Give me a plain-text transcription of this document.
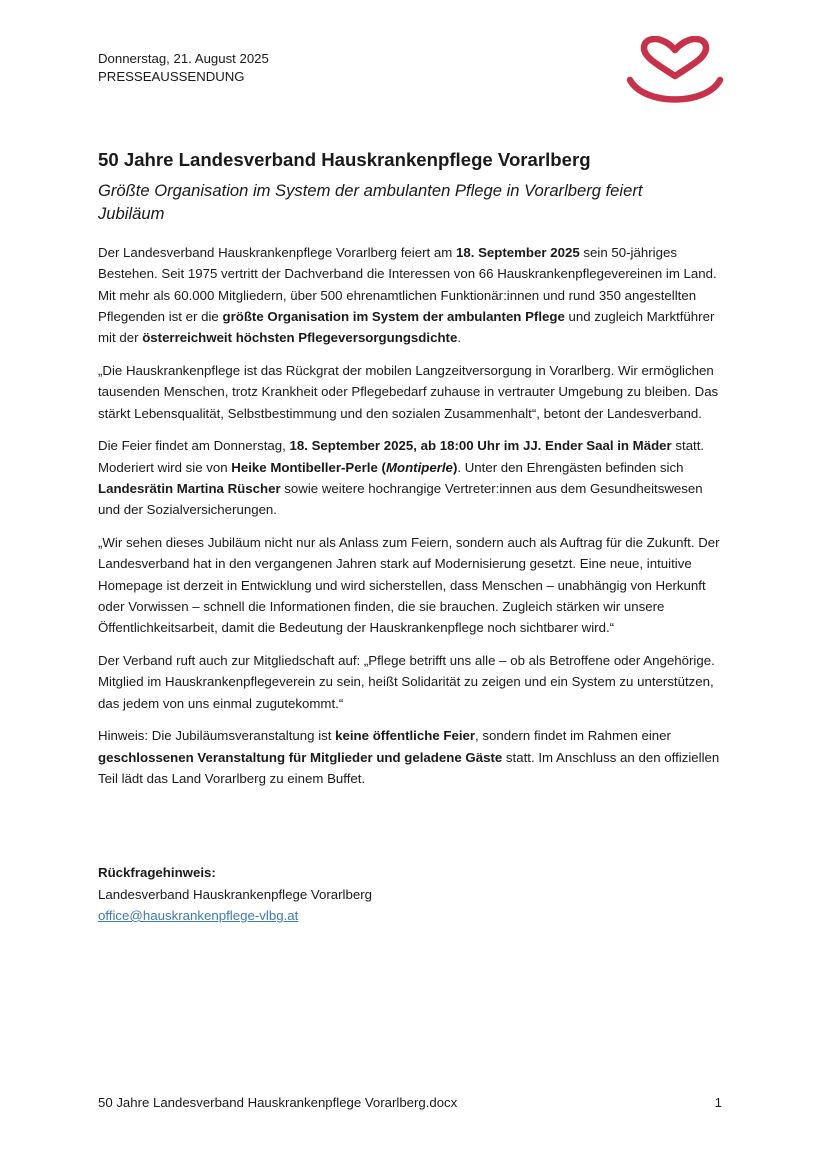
Donnerstag, 21. August 2025
PRESSEAUSSENDUNG
50 Jahre Landesverband Hauskrankenpflege Vorarlberg

Größte Organisation im System der ambulanten Pflege in Vorarlberg feiert Jubiläum

Der Landesverband Hauskrankenpflege Vorarlberg feiert am 18. September 2025 sein 50-jähriges Bestehen. Seit 1975 vertritt der Dachverband die Interessen von 66 Hauskrankenpflegevereinen im Land. Mit mehr als 60.000 Mitgliedern, über 500 ehrenamtlichen Funktionär:innen und rund 350 angestellten Pflegenden ist er die größte Organisation im System der ambulanten Pflege und zugleich Marktführer mit der österreichweit höchsten Pflegeversorgungsdichte.

„Die Hauskrankenpflege ist das Rückgrat der mobilen Langzeitversorgung in Vorarlberg. Wir ermöglichen tausenden Menschen, trotz Krankheit oder Pflegebedarf zuhause in vertrauter Umgebung zu bleiben. Das stärkt Lebensqualität, Selbstbestimmung und den sozialen Zusammenhalt“, betont der Landesverband.

Die Feier findet am Donnerstag, 18. September 2025, ab 18:00 Uhr im JJ. Ender Saal in Mäder statt. Moderiert wird sie von Heike Montibeller-Perle (Montiperle). Unter den Ehrengästen befinden sich Landesrätin Martina Rüscher sowie weitere hochrangige Vertreter:innen aus dem Gesundheitswesen und der Sozialversicherungen.

„Wir sehen dieses Jubiläum nicht nur als Anlass zum Feiern, sondern auch als Auftrag für die Zukunft. Der Landesverband hat in den vergangenen Jahren stark auf Modernisierung gesetzt. Eine neue, intuitive Homepage ist derzeit in Entwicklung und wird sicherstellen, dass Menschen – unabhängig von Herkunft oder Vorwissen – schnell die Informationen finden, die sie brauchen. Zugleich stärken wir unsere Öffentlichkeitsarbeit, damit die Bedeutung der Hauskrankenpflege noch sichtbarer wird.“

Der Verband ruft auch zur Mitgliedschaft auf: „Pflege betrifft uns alle – ob als Betroffene oder Angehörige. Mitglied im Hauskrankenpflegeverein zu sein, heißt Solidarität zu zeigen und ein System zu unterstützen, das jedem von uns einmal zugutekommt.“

Hinweis: Die Jubiläumsveranstaltung ist keine öffentliche Feier, sondern findet im Rahmen einer geschlossenen Veranstaltung für Mitglieder und geladene Gäste statt. Im Anschluss an den offiziellen Teil lädt das Land Vorarlberg zu einem Buffet.

Rückfragehinweis:
Landesverband Hauskrankenpflege Vorarlberg
office@hauskrankenpflege-vlbg.at
50 Jahre Landesverband Hauskrankenpflege Vorarlberg.docx	1
